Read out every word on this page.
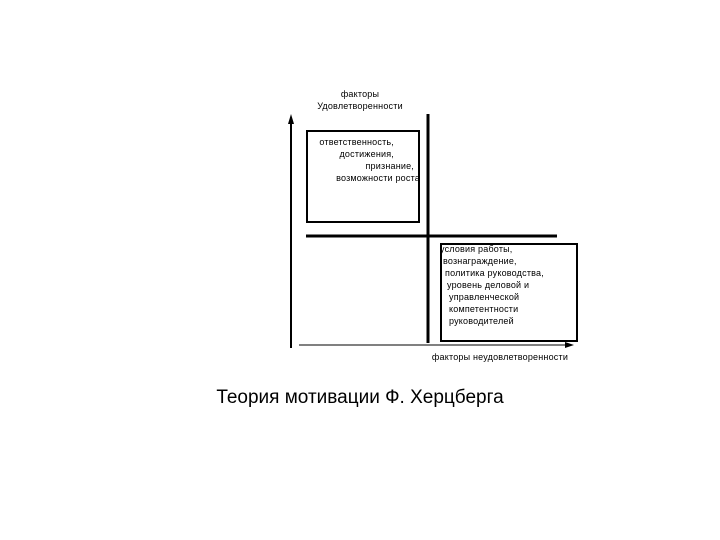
факторы
Удовлетворенности
ответственность,
достижения,
признание,
возможности роста
условия работы,
вознаграждение,
политика руководства,
уровень деловой и
управленческой
компетентности
руководителей
факторы неудовлетворенности
Теория мотивации Ф. Херцберга
